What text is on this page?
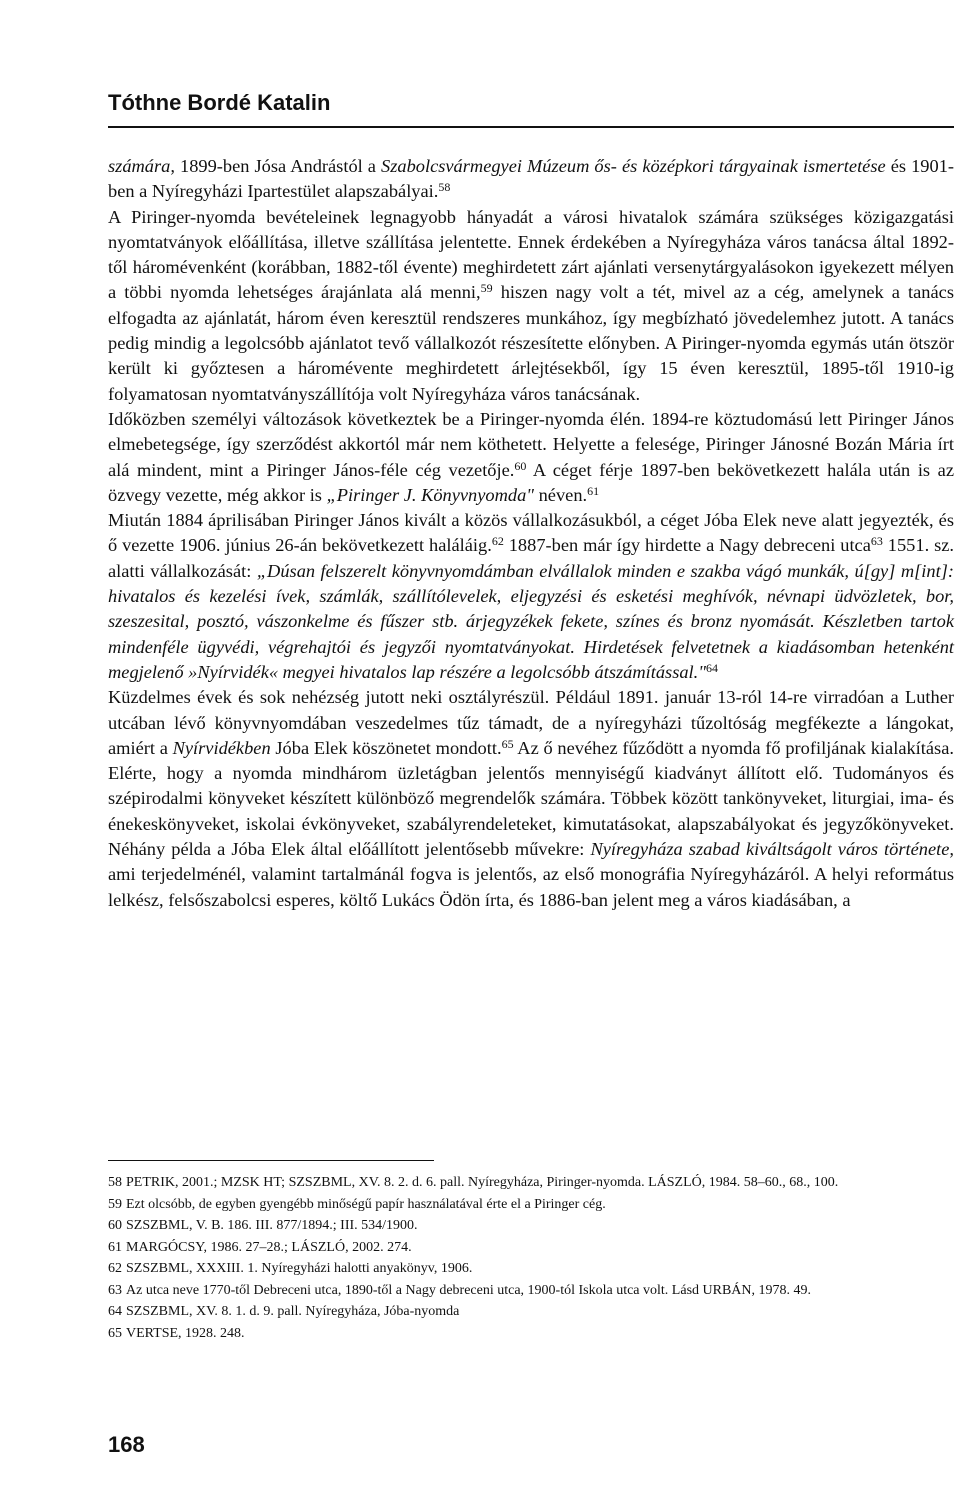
Tóthne Bordé Katalin

számára, 1899-ben Jósa Andrástól a Szabolcsvármegyei Múzeum ős- és középkori tárgyainak ismertetése és 1901-ben a Nyíregyházi Ipartestület alapszabályai.$^{58}$

A Piringer-nyomda bevételeinek legnagyobb hányadát a városi hivatalok számára szükséges közigazgatási nyomtatványok előállítása, illetve szállítása jelentette. Ennek érdekében a Nyíregyháza város tanácsa által 1892-től háromévenként (korábban, 1882-től évente) meghirdetett zárt ajánlati versenytárgyalásokon igyekezett mélyen a többi nyomda lehetséges árajánlata alá menni,$^{59}$ hiszen nagy volt a tét, mivel az a cég, amelynek a tanács elfogadta az ajánlatát, három éven keresztül rendszeres munkához, így megbízható jövedelemhez jutott. A tanács pedig mindig a legolcsóbb ajánlatot tevő vállalkozót részesítette előnyben. A Piringer-nyomda egymás után ötször került ki győztesen a háromévente meghirdetett árlejtésekből, így 15 éven keresztül, 1895-től 1910-ig folyamatosan nyomtatványszállítója volt Nyíregyháza város tanácsának.

Időközben személyi változások következtek be a Piringer-nyomda élén. 1894-re köztudomású lett Piringer János elmebetegsége, így szerződést akkortól már nem köthetett. Helyette a felesége, Piringer Jánosné Bozán Mária írt alá mindent, mint a Piringer János-féle cég vezetője.$^{60}$ A céget férje 1897-ben bekövetkezett halála után is az özvegy vezette, még akkor is „Piringer J. Könyvnyomda" néven.$^{61}$

Miután 1884 áprilisában Piringer János kivált a közös vállalkozásukból, a céget Jóba Elek neve alatt jegyezték, és ő vezette 1906. június 26-án bekövetkezett haláláig.$^{62}$ 1887-ben már így hirdette a Nagy debreceni utca$^{63}$ 1551. sz. alatti vállalkozását: „Dúsan felszerelt könyvnyomdámban elvállalok minden e szakba vágó munkák, ú[gy] m[int]: hivatalos és kezelési ívek, számlák, szállítólevelek, eljegyzési és esketési meghívók, névnapi üdvözletek, bor, szeszesital, posztó, vászonkelme és fűszer stb. árjegyzékek fekete, színes és bronz nyomását. Készletben tartok mindenféle ügyvédi, végrehajtói és jegyzői nyomtatványokat. Hirdetések felvetetnek a kiadásomban hetenként megjelenő »Nyírvidék« megyei hivatalos lap részére a legolcsóbb átszámítással."$^{64}$

Küzdelmes évek és sok nehézség jutott neki osztályrészül. Például 1891. január 13-ról 14-re virradóan a Luther utcában lévő könyvnyomdában veszedelmes tűz támadt, de a nyíregyházi tűzoltóság megfékezte a lángokat, amiért a Nyírvidékben Jóba Elek köszönetet mondott.$^{65}$ Az ő nevéhez fűződött a nyomda fő profiljának kialakítása. Elérte, hogy a nyomda mindhárom üzletágban jelentős mennyiségű kiadványt állított elő. Tudományos és szépirodalmi könyveket készített különböző megrendelők számára. Többek között tankönyveket, liturgiai, ima- és énekeskönyveket, iskolai évkönyveket, szabályrendeleteket, kimutatásokat, alapszabályokat és jegyzőkönyveket. Néhány példa a Jóba Elek által előállított jelentősebb művekre: Nyíregyháza szabad kiváltságolt város története, ami terjedelménél, valamint tartalmánál fogva is jelentős, az első monográfia Nyíregyházáról. A helyi református lelkész, felsőszabolcsi esperes, költő Lukács Ödön írta, és 1886-ban jelent meg a város kiadásában, a

58 PETRIK, 2001.; MZSK HT; SZSZBML, XV. 8. 2. d. 6. pall. Nyíregyháza, Piringer-nyomda. LÁSZLÓ, 1984. 58–60., 68., 100.
59 Ezt olcsóbb, de egyben gyengébb minőségű papír használatával érte el a Piringer cég.
60 SZSZBML, V. B. 186. III. 877/1894.; III. 534/1900.
61 MARGÓCSY, 1986. 27–28.; LÁSZLÓ, 2002. 274.
62 SZSZBML, XXXIII. 1. Nyíregyházi halotti anyakönyv, 1906.
63 Az utca neve 1770-től Debreceni utca, 1890-től a Nagy debreceni utca, 1900-tól Iskola utca volt. Lásd URBÁN, 1978. 49.
64 SZSZBML, XV. 8. 1. d. 9. pall. Nyíregyháza, Jóba-nyomda
65 VERTSE, 1928. 248.
168
